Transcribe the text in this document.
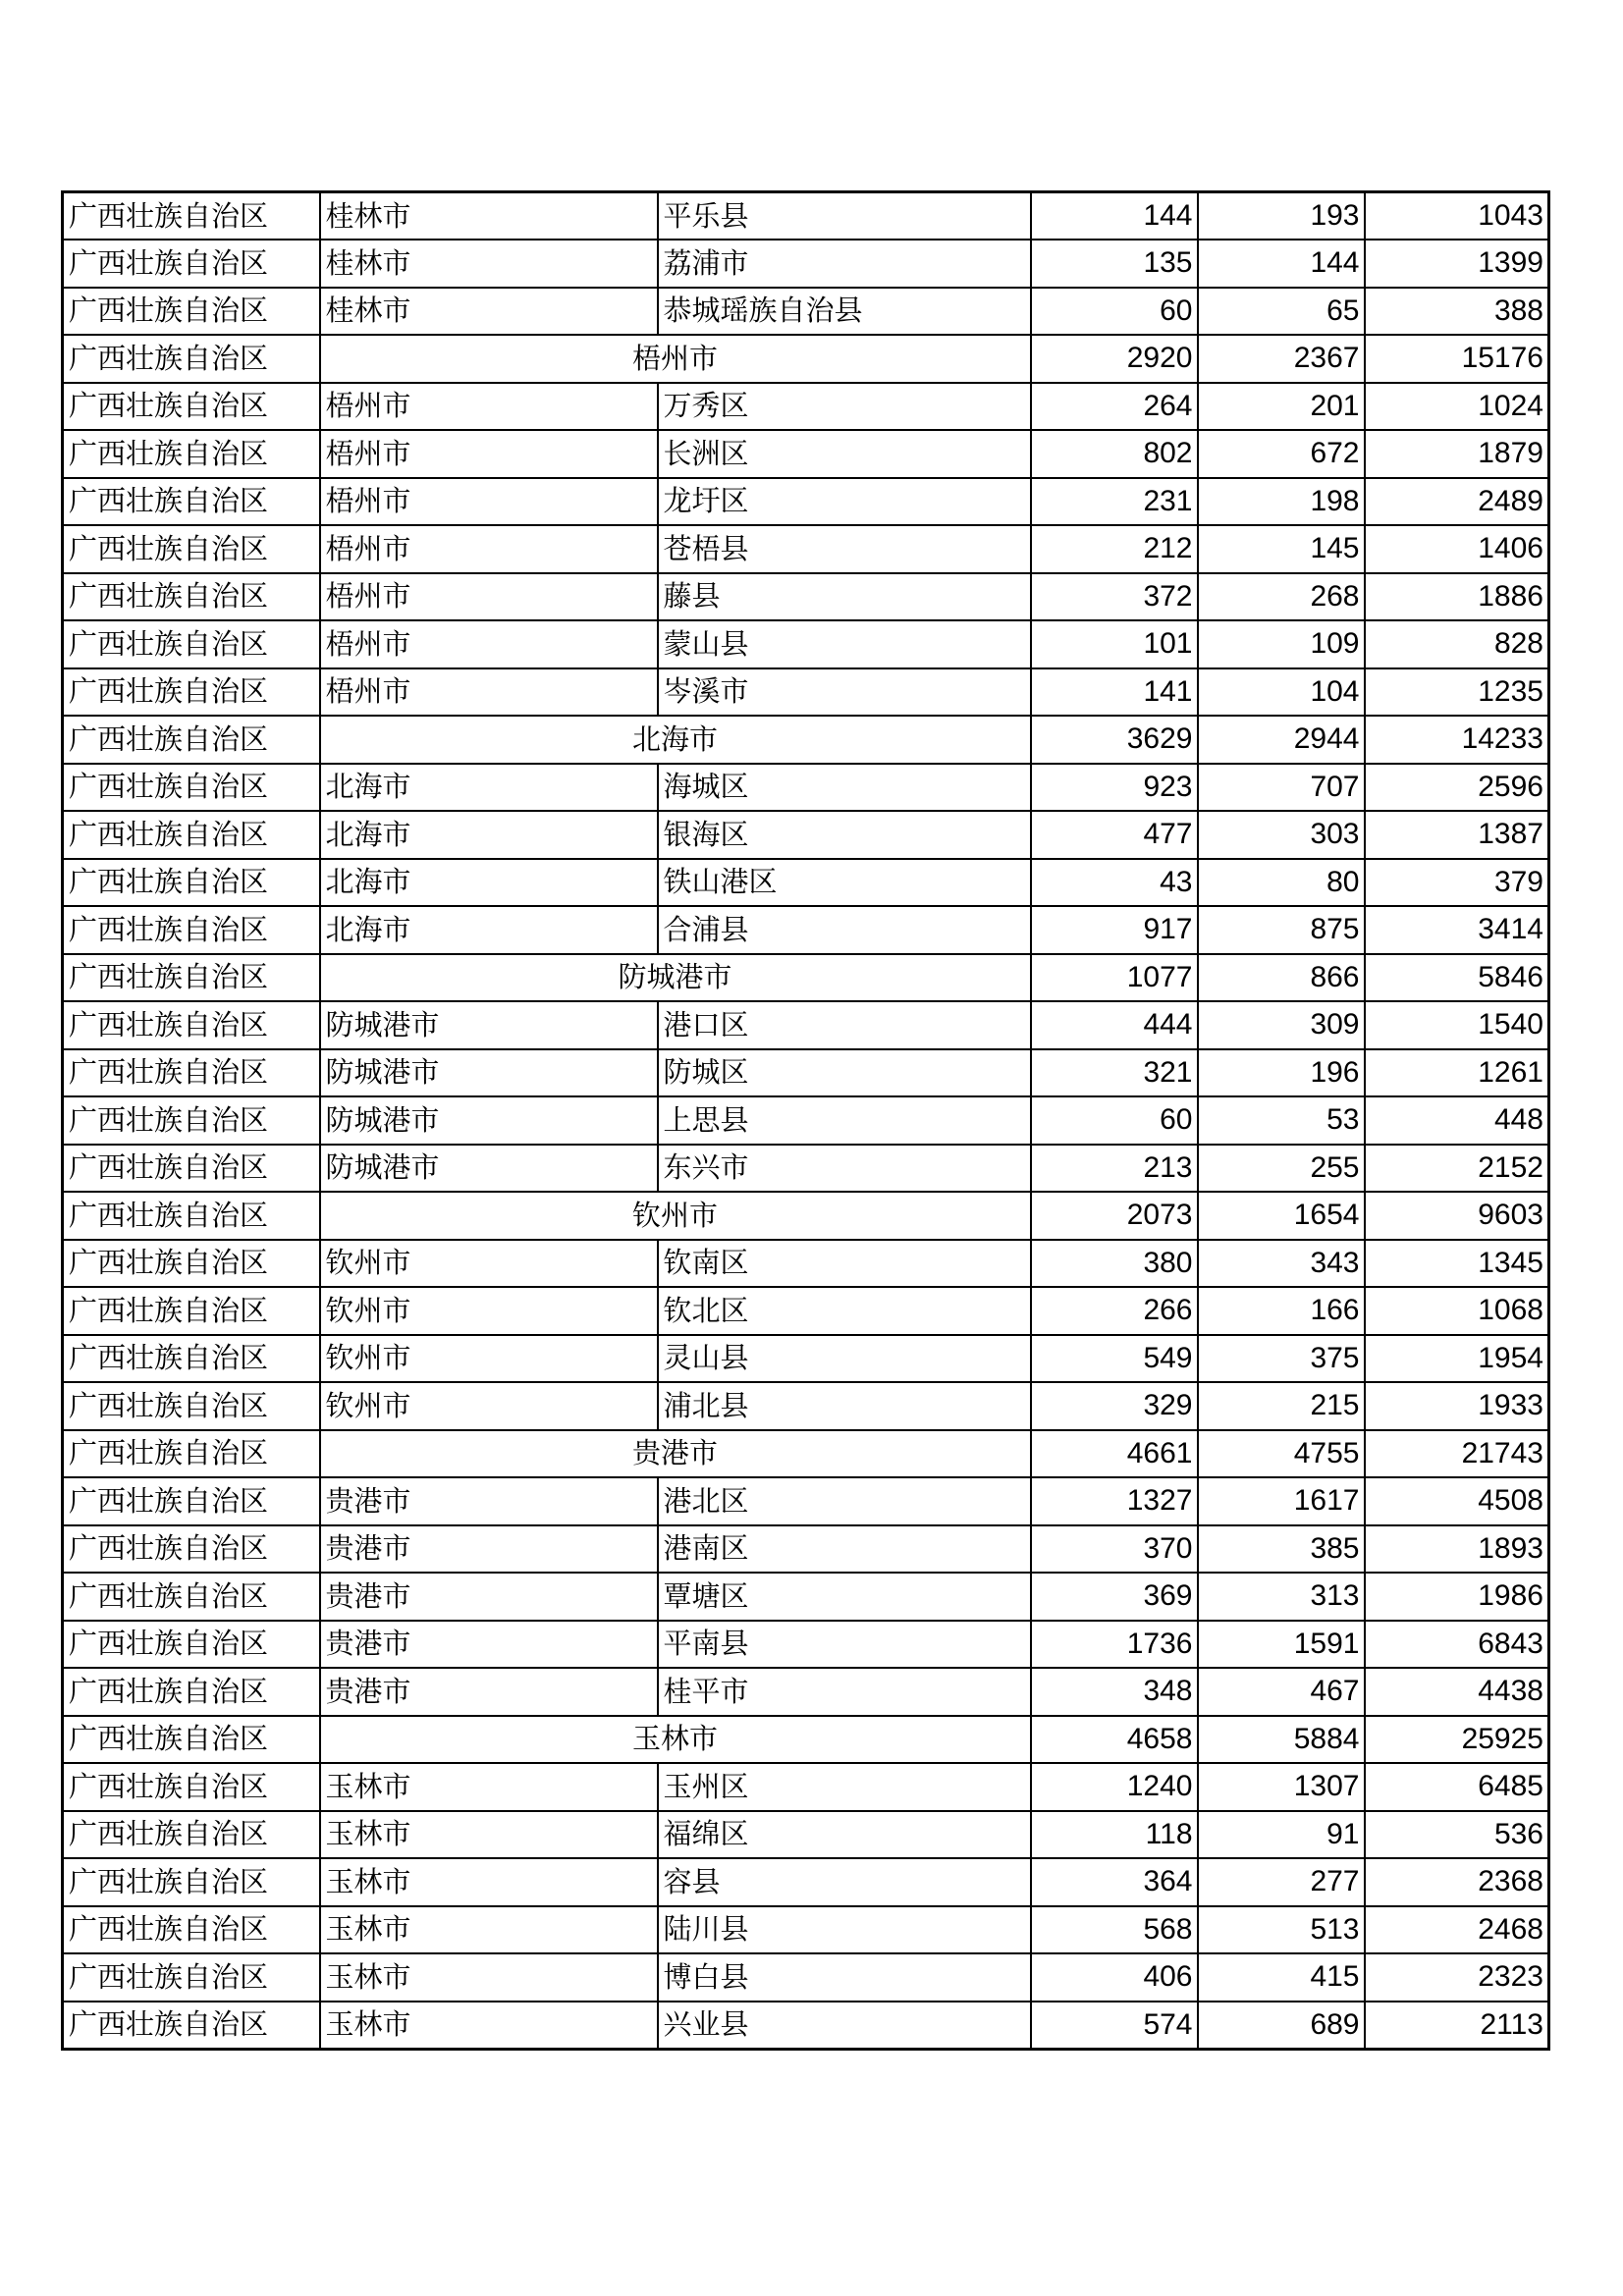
广西壮族自治区	桂林市	平乐县	144	193	1043
广西壮族自治区	桂林市	荔浦市	135	144	1399
广西壮族自治区	桂林市	恭城瑶族自治县	60	65	388
广西壮族自治区	梧州市		2920	2367	15176
广西壮族自治区	梧州市	万秀区	264	201	1024
广西壮族自治区	梧州市	长洲区	802	672	1879
广西壮族自治区	梧州市	龙圩区	231	198	2489
广西壮族自治区	梧州市	苍梧县	212	145	1406
广西壮族自治区	梧州市	藤县	372	268	1886
广西壮族自治区	梧州市	蒙山县	101	109	828
广西壮族自治区	梧州市	岑溪市	141	104	1235
广西壮族自治区	北海市		3629	2944	14233
广西壮族自治区	北海市	海城区	923	707	2596
广西壮族自治区	北海市	银海区	477	303	1387
广西壮族自治区	北海市	铁山港区	43	80	379
广西壮族自治区	北海市	合浦县	917	875	3414
广西壮族自治区	防城港市		1077	866	5846
广西壮族自治区	防城港市	港口区	444	309	1540
广西壮族自治区	防城港市	防城区	321	196	1261
广西壮族自治区	防城港市	上思县	60	53	448
广西壮族自治区	防城港市	东兴市	213	255	2152
广西壮族自治区	钦州市		2073	1654	9603
广西壮族自治区	钦州市	钦南区	380	343	1345
广西壮族自治区	钦州市	钦北区	266	166	1068
广西壮族自治区	钦州市	灵山县	549	375	1954
广西壮族自治区	钦州市	浦北县	329	215	1933
广西壮族自治区	贵港市		4661	4755	21743
广西壮族自治区	贵港市	港北区	1327	1617	4508
广西壮族自治区	贵港市	港南区	370	385	1893
广西壮族自治区	贵港市	覃塘区	369	313	1986
广西壮族自治区	贵港市	平南县	1736	1591	6843
广西壮族自治区	贵港市	桂平市	348	467	4438
广西壮族自治区	玉林市		4658	5884	25925
广西壮族自治区	玉林市	玉州区	1240	1307	6485
广西壮族自治区	玉林市	福绵区	118	91	536
广西壮族自治区	玉林市	容县	364	277	2368
广西壮族自治区	玉林市	陆川县	568	513	2468
广西壮族自治区	玉林市	博白县	406	415	2323
广西壮族自治区	玉林市	兴业县	574	689	2113
